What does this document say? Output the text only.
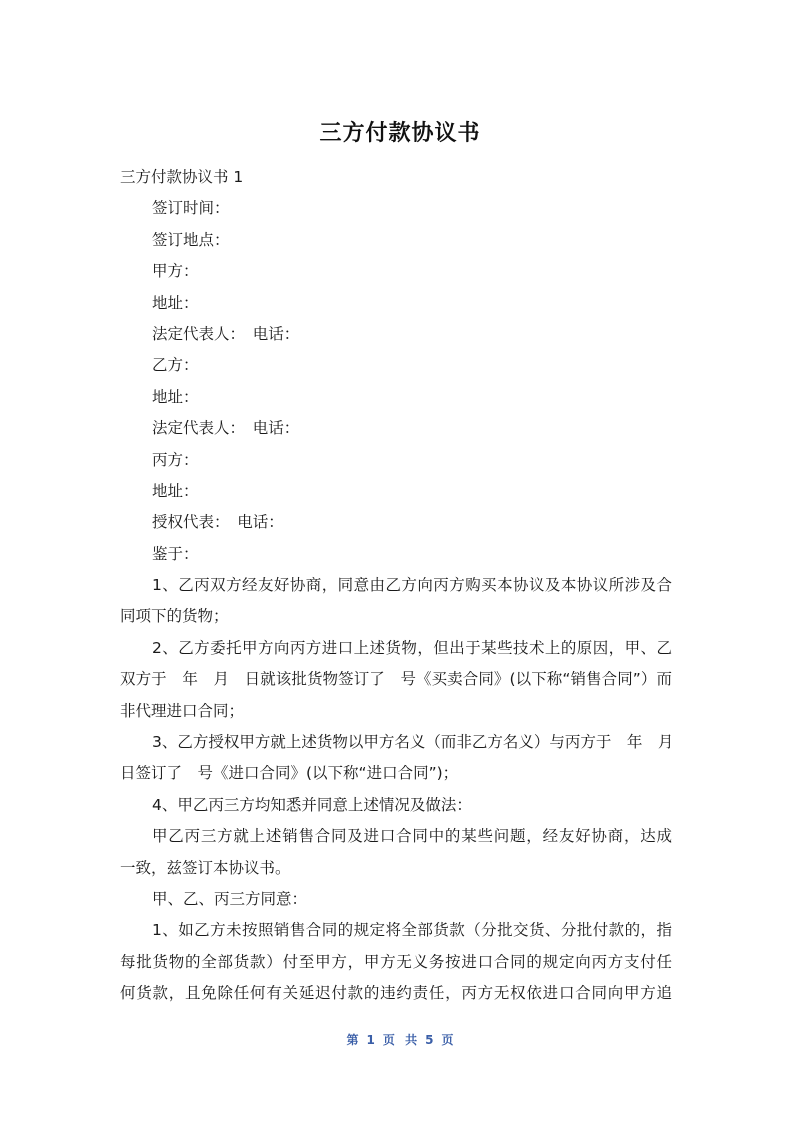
三方付款协议书
三方付款协议书 1
签订时间：
签订地点：
甲方：
地址：
法定代表人：　电话：
乙方：
地址：
法定代表人：　电话：
丙方：
地址：
授权代表：　电话：
鉴于：
1、乙丙双方经友好协商，同意由乙方向丙方购买本协议及本协议所涉及合
同项下的货物；
2、乙方委托甲方向丙方进口上述货物，但出于某些技术上的原因，甲、乙
双方于　年　月　日就该批货物签订了　号《买卖合同》(以下称“销售合同”）而
非代理进口合同；
3、乙方授权甲方就上述货物以甲方名义（而非乙方名义）与丙方于　年　月
日签订了　号《进口合同》(以下称“进口合同”)；
4、甲乙丙三方均知悉并同意上述情况及做法：
甲乙丙三方就上述销售合同及进口合同中的某些问题，经友好协商，达成
一致，兹签订本协议书。
甲、乙、丙三方同意：
1、如乙方未按照销售合同的规定将全部货款（分批交货、分批付款的，指
每批货物的全部货款）付至甲方，甲方无义务按进口合同的规定向丙方支付任
何货款，且免除任何有关延迟付款的违约责任，丙方无权依进口合同向甲方追
第 1 页 共 5 页
